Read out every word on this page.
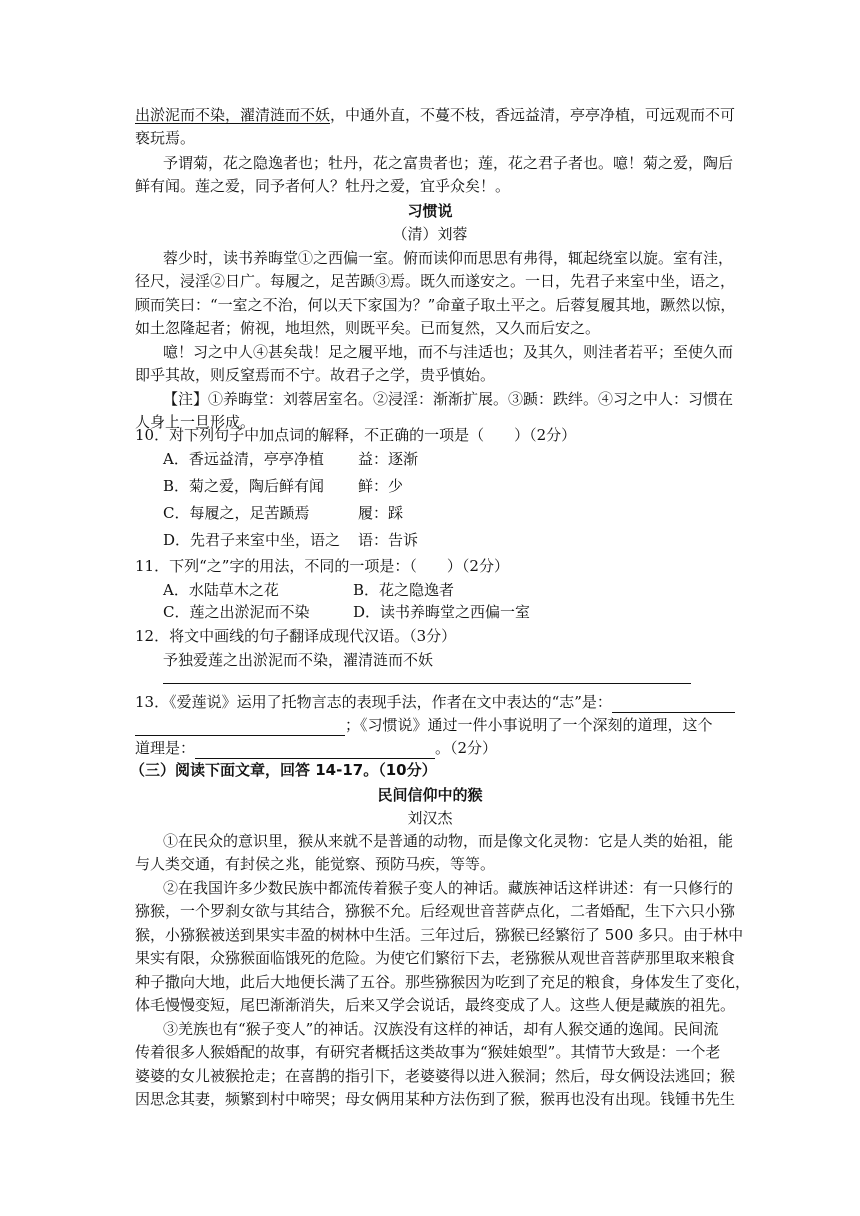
出淤泥而不染，濯清涟而不妖，中通外直，不蔓不枝，香远益清，亭亭净植，可远观而不可
亵玩焉。
予谓菊，花之隐逸者也；牡丹，花之富贵者也；莲，花之君子者也。噫！菊之爱，陶后
鲜有闻。莲之爱，同予者何人？牡丹之爱，宜乎众矣！。
习惯说
（清）刘蓉
蓉少时，读书养晦堂①之西偏一室。俯而读仰而思思有弗得，辄起绕室以旋。室有洼，
径尺，浸淫②日广。每履之，足苦踬③焉。既久而遂安之。一日，先君子来室中坐，语之，
顾而笑曰：“一室之不治，何以天下家国为？”命童子取土平之。后蓉复履其地，蹶然以惊，
如土忽隆起者；俯视，地坦然，则既平矣。已而复然，又久而后安之。
噫！习之中人④甚矣哉！足之履平地，而不与洼适也；及其久，则洼者若平；至使久而
即乎其故，则反窒焉而不宁。故君子之学，贵乎慎始。
【注】①养晦堂：刘蓉居室名。②浸淫：渐渐扩展。③踬：跌绊。④习之中人：习惯在
人身上一旦形成。
10．对下列句子中加点词的解释，不正确的一项是（　　）（2分）
A．香远益清，亭亭净植 益：逐渐
B．菊之爱，陶后鲜有闻 鲜：少
C．每履之，足苦踬焉	履：踩
D．先君子来室中坐，语之 语：告诉
11．下列“之”字的用法，不同的一项是：（　　）（2分）
A．水陆草木之花	B．花之隐逸者
C．莲之出淤泥而不染	D．读书养晦堂之西偏一室
12．将文中画线的句子翻译成现代汉语。（3分）
予独爱莲之出淤泥而不染，濯清涟而不妖
13．《爱莲说》运用了托物言志的表现手法，作者在文中表达的“志”是：
；《习惯说》通过一件小事说明了一个深刻的道理，这个
道理是：	。（2分）
（三）阅读下面文章，回答 14-17。（10分）
民间信仰中的猴
刘汉杰
①在民众的意识里，猴从来就不是普通的动物，而是像文化灵物：它是人类的始祖，能
与人类交通，有封侯之兆，能觉察、预防马疾，等等。
②在我国许多少数民族中都流传着猴子变人的神话。藏族神话这样讲述：有一只修行的
猕猴，一个罗刹女欲与其结合，猕猴不允。后经观世音菩萨点化，二者婚配，生下六只小猕
猴，小猕猴被送到果实丰盈的树林中生活。三年过后，猕猴已经繁衍了 500 多只。由于林中
果实有限，众猕猴面临饿死的危险。为使它们繁衍下去，老猕猴从观世音菩萨那里取来粮食
种子撒向大地，此后大地便长满了五谷。那些猕猴因为吃到了充足的粮食，身体发生了变化，
体毛慢慢变短，尾巴渐渐消失，后来又学会说话，最终变成了人。这些人便是藏族的祖先。
③羌族也有“猴子变人”的神话。汉族没有这样的神话，却有人猴交通的逸闻。民间流
传着很多人猴婚配的故事，有研究者概括这类故事为“猴娃娘型”。其情节大致是：一个老
婆婆的女儿被猴抢走；在喜鹊的指引下，老婆婆得以进入猴洞；然后，母女俩设法逃回；猴
因思念其妻，频繁到村中啼哭；母女俩用某种方法伤到了猴，猴再也没有出现。钱锺书先生
